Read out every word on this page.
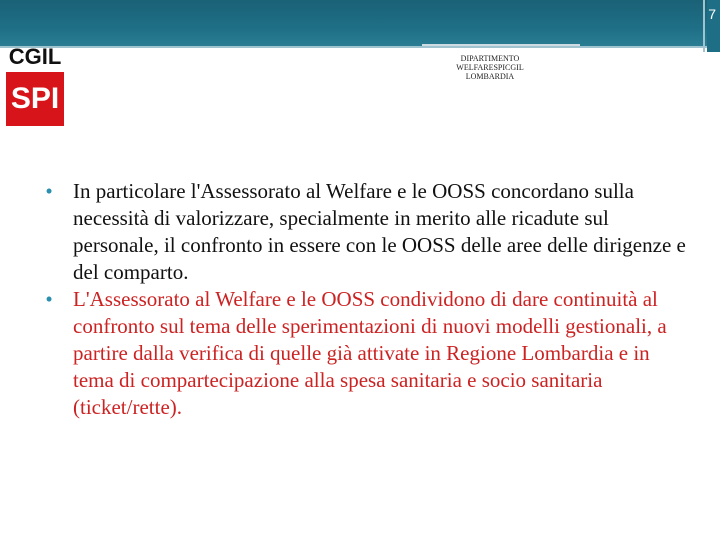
7
CGIL
SPI
DIPARTIMENTO
WELFARESPICGIL
LOMBARDIA

• In particolare l'Assessorato al Welfare e le OOSS concordano sulla necessità di valorizzare, specialmente in merito alle ricadute sul personale, il confronto in essere con le OOSS delle aree delle dirigenze e del comparto.

• L'Assessorato al Welfare e le OOSS condividono di dare continuità al confronto sul tema delle sperimentazioni di nuovi modelli gestionali, a partire dalla verifica di quelle già attivate in Regione Lombardia e in tema di compartecipazione alla spesa sanitaria e socio sanitaria (ticket/rette).
